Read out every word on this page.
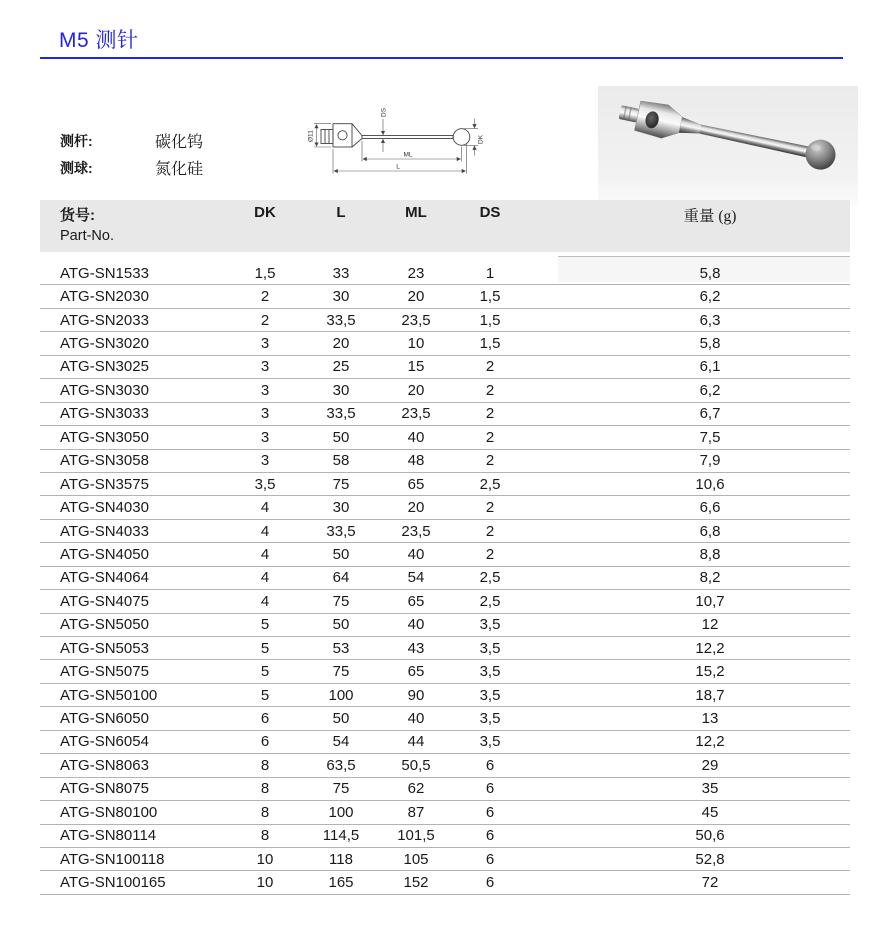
M5 测针
测杆:	碳化钨
测球:	氮化硅
Ø11
DS
DK
ML
L
货号:	DK	L	ML	DS	重量 (g)
Part-No.
ATG-SN1533	1,5	33	23	1	5,8
ATG-SN2030	2	30	20	1,5	6,2
ATG-SN2033	2	33,5	23,5	1,5	6,3
ATG-SN3020	3	20	10	1,5	5,8
ATG-SN3025	3	25	15	2	6,1
ATG-SN3030	3	30	20	2	6,2
ATG-SN3033	3	33,5	23,5	2	6,7
ATG-SN3050	3	50	40	2	7,5
ATG-SN3058	3	58	48	2	7,9
ATG-SN3575	3,5	75	65	2,5	10,6
ATG-SN4030	4	30	20	2	6,6
ATG-SN4033	4	33,5	23,5	2	6,8
ATG-SN4050	4	50	40	2	8,8
ATG-SN4064	4	64	54	2,5	8,2
ATG-SN4075	4	75	65	2,5	10,7
ATG-SN5050	5	50	40	3,5	12
ATG-SN5053	5	53	43	3,5	12,2
ATG-SN5075	5	75	65	3,5	15,2
ATG-SN50100	5	100	90	3,5	18,7
ATG-SN6050	6	50	40	3,5	13
ATG-SN6054	6	54	44	3,5	12,2
ATG-SN8063	8	63,5	50,5	6	29
ATG-SN8075	8	75	62	6	35
ATG-SN80100	8	100	87	6	45
ATG-SN80114	8	114,5	101,5	6	50,6
ATG-SN100118	10	118	105	6	52,8
ATG-SN100165	10	165	152	6	72
